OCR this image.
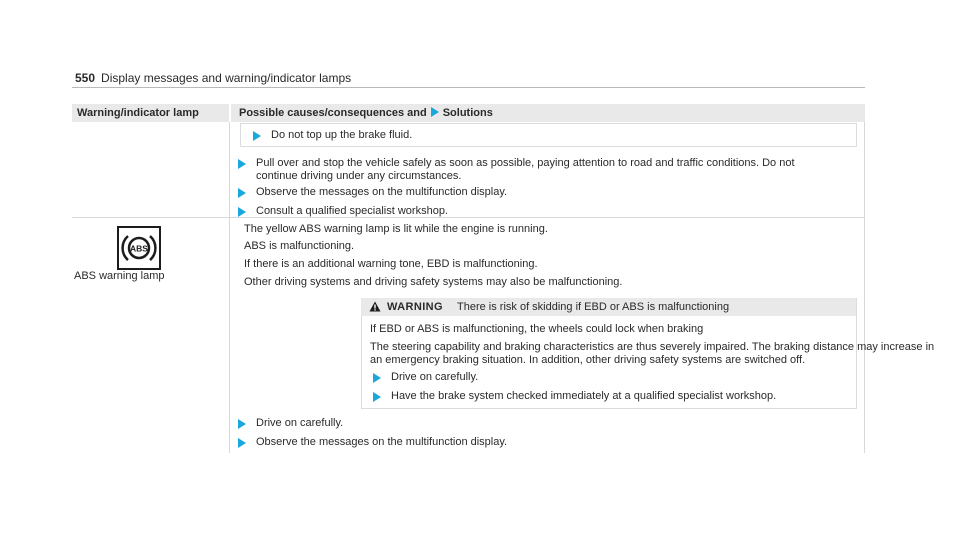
550 Display messages and warning/indicator lamps
Warning/indicator lamp	Possible causes/consequences and Solutions
Do not top up the brake fluid.
Pull over and stop the vehicle safely as soon as possible, paying attention to road and traffic conditions. Do not
continue driving under any circumstances.
Observe the messages on the multifunction display.
Consult a qualified specialist workshop.
ABS
ABS warning lamp
The yellow ABS warning lamp is lit while the engine is running.
ABS is malfunctioning.
If there is an additional warning tone, EBD is malfunctioning.
Other driving systems and driving safety systems may also be malfunctioning.
WARNING There is risk of skidding if EBD or ABS is malfunctioning
If EBD or ABS is malfunctioning, the wheels could lock when braking
The steering capability and braking characteristics are thus severely impaired. The braking distance may increase in
an emergency braking situation. In addition, other driving safety systems are switched off.
Drive on carefully.
Have the brake system checked immediately at a qualified specialist workshop.
Drive on carefully.
Observe the messages on the multifunction display.
